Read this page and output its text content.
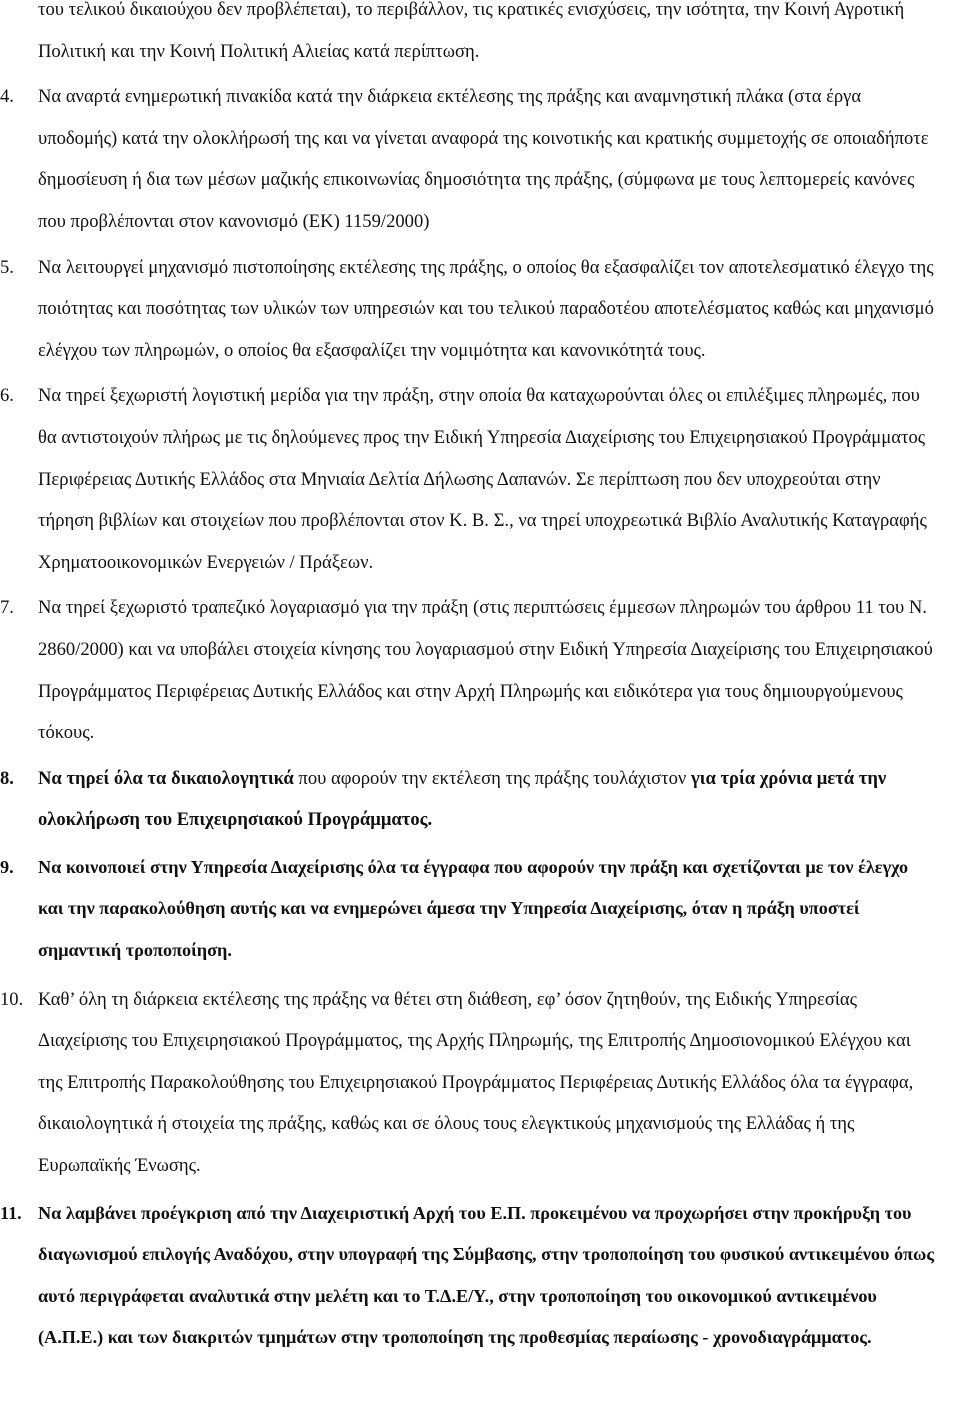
του τελικού δικαιούχου δεν προβλέπεται), το περιβάλλον, τις κρατικές ενισχύσεις, την ισότητα, την Κοινή Αγροτική Πολιτική και την Κοινή Πολιτική Αλιείας κατά περίπτωση.

4.	Να αναρτά ενημερωτική πινακίδα κατά την διάρκεια εκτέλεσης της πράξης και αναμνηστική πλάκα (στα έργα υποδομής) κατά την ολοκλήρωσή της και να γίνεται αναφορά της κοινοτικής και κρατικής συμμετοχής σε οποιαδήποτε δημοσίευση ή δια των μέσων μαζικής επικοινωνίας δημοσιότητα της πράξης, (σύμφωνα με τους λεπτομερείς κανόνες που προβλέπονται στον κανονισμό (ΕΚ) 1159/2000)
5.	Να λειτουργεί μηχανισμό πιστοποίησης εκτέλεσης της πράξης, ο οποίος θα εξασφαλίζει τον αποτελεσματικό έλεγχο της ποιότητας και ποσότητας των υλικών των υπηρεσιών και του τελικού παραδοτέου αποτελέσματος καθώς και μηχανισμό ελέγχου των πληρωμών, ο οποίος θα εξασφαλίζει την νομιμότητα και κανονικότητά τους.
6.	Να τηρεί ξεχωριστή λογιστική μερίδα για την πράξη, στην οποία θα καταχωρούνται όλες οι επιλέξιμες πληρωμές, που θα αντιστοιχούν πλήρως με τις δηλούμενες προς την Ειδική Υπηρεσία Διαχείρισης του Επιχειρησιακού Προγράμματος Περιφέρειας Δυτικής Ελλάδος στα Μηνιαία Δελτία Δήλωσης Δαπανών. Σε περίπτωση που δεν υποχρεούται στην τήρηση βιβλίων και στοιχείων που προβλέπονται στον Κ. Β. Σ., να τηρεί υποχρεωτικά Βιβλίο Αναλυτικής Καταγραφής Χρηματοοικονομικών Ενεργειών / Πράξεων.
7.	Να τηρεί ξεχωριστό τραπεζικό λογαριασμό για την πράξη (στις περιπτώσεις έμμεσων πληρωμών του άρθρου 11 του Ν. 2860/2000) και να υποβάλει στοιχεία κίνησης του λογαριασμού στην Ειδική Υπηρεσία Διαχείρισης του Επιχειρησιακού Προγράμματος Περιφέρειας Δυτικής Ελλάδος και στην Αρχή Πληρωμής και ειδικότερα για τους δημιουργούμενους τόκους.
8.	Να τηρεί όλα τα δικαιολογητικά που αφορούν την εκτέλεση της πράξης τουλάχιστον για τρία χρόνια μετά την ολοκλήρωση του Επιχειρησιακού Προγράμματος.
9.	Να κοινοποιεί στην Υπηρεσία Διαχείρισης όλα τα έγγραφα που αφορούν την πράξη και σχετίζονται με τον έλεγχο και την παρακολούθηση αυτής και να ενημερώνει άμεσα την Υπηρεσία Διαχείρισης, όταν η πράξη υποστεί σημαντική τροποποίηση.
10. Καθ’ όλη τη διάρκεια εκτέλεσης της πράξης να θέτει στη διάθεση, εφ’ όσον ζητηθούν, της Ειδικής Υπηρεσίας Διαχείρισης του Επιχειρησιακού Προγράμματος, της Αρχής Πληρωμής, της Επιτροπής Δημοσιονομικού Ελέγχου και της Επιτροπής Παρακολούθησης του Επιχειρησιακού Προγράμματος Περιφέρειας Δυτικής Ελλάδος όλα τα έγγραφα, δικαιολογητικά ή στοιχεία της πράξης, καθώς και σε όλους τους ελεγκτικούς μηχανισμούς της Ελλάδας ή της Ευρωπαϊκής Ένωσης.
11. Να λαμβάνει προέγκριση από την Διαχειριστική Αρχή του Ε.Π. προκειμένου να προχωρήσει στην προκήρυξη του διαγωνισμού επιλογής Αναδόχου, στην υπογραφή της Σύμβασης, στην τροποποίηση του φυσικού αντικειμένου όπως αυτό περιγράφεται αναλυτικά στην μελέτη και το Τ.Δ.Ε/Υ., στην τροποποίηση του οικονομικού αντικειμένου (Α.Π.Ε.) και των διακριτών τμημάτων στην τροποποίηση της προθεσμίας περαίωσης - χρονοδιαγράμματος.
